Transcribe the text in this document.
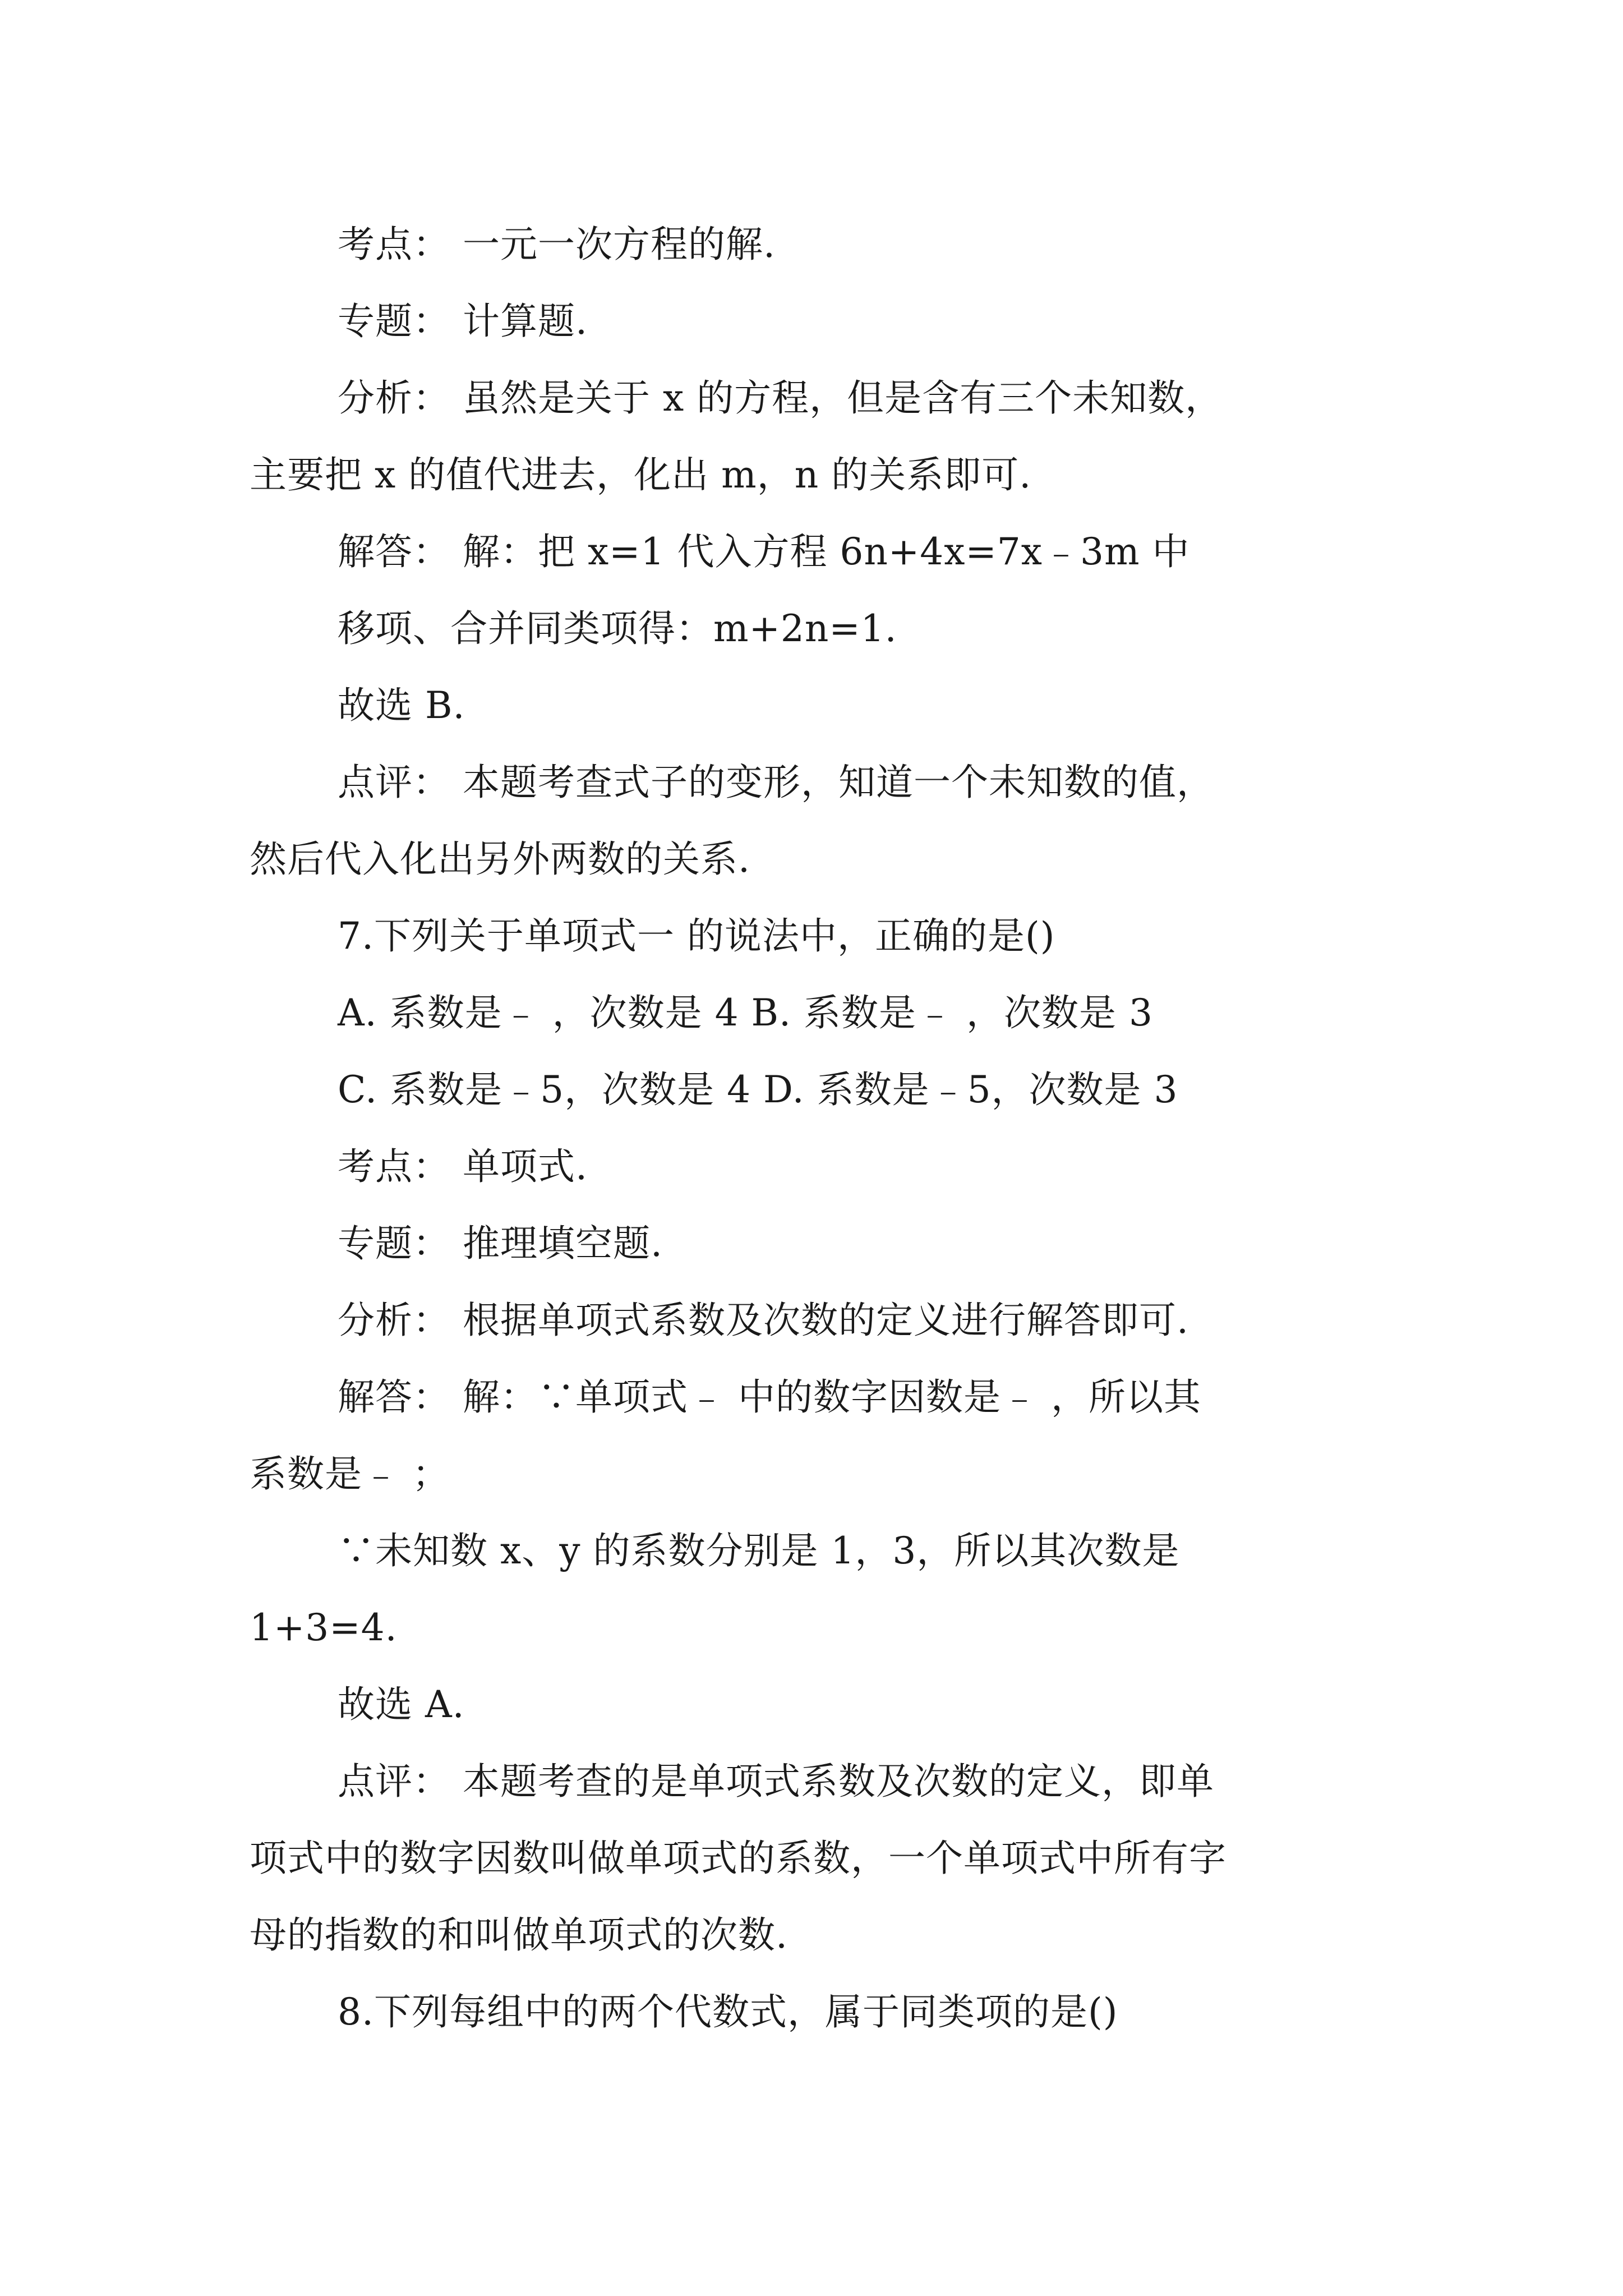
考点： 一元一次方程的解.
专题： 计算题.
分析： 虽然是关于 x 的方程，但是含有三个未知数，
主要把 x 的值代进去，化出 m，n 的关系即可.
解答： 解：把 x=1 代入方程 6n+4x=7x﹣3m 中
移项、合并同类项得：m+2n=1.
故选 B.
点评： 本题考查式子的变形，知道一个未知数的值，
然后代入化出另外两数的关系.
7.下列关于单项式一 的说法中，正确的是()
A. 系数是﹣ ，次数是 4 B. 系数是﹣ ，次数是 3
C. 系数是﹣5，次数是 4 D. 系数是﹣5，次数是 3
考点： 单项式.
专题： 推理填空题.
分析： 根据单项式系数及次数的定义进行解答即可.
解答： 解：∵单项式﹣ 中的数字因数是﹣ ，所以其
系数是﹣ ；
∵未知数 x、y 的系数分别是 1，3，所以其次数是
1+3=4.
故选 A.
点评： 本题考查的是单项式系数及次数的定义，即单
项式中的数字因数叫做单项式的系数，一个单项式中所有字
母的指数的和叫做单项式的次数.
8.下列每组中的两个代数式，属于同类项的是()
